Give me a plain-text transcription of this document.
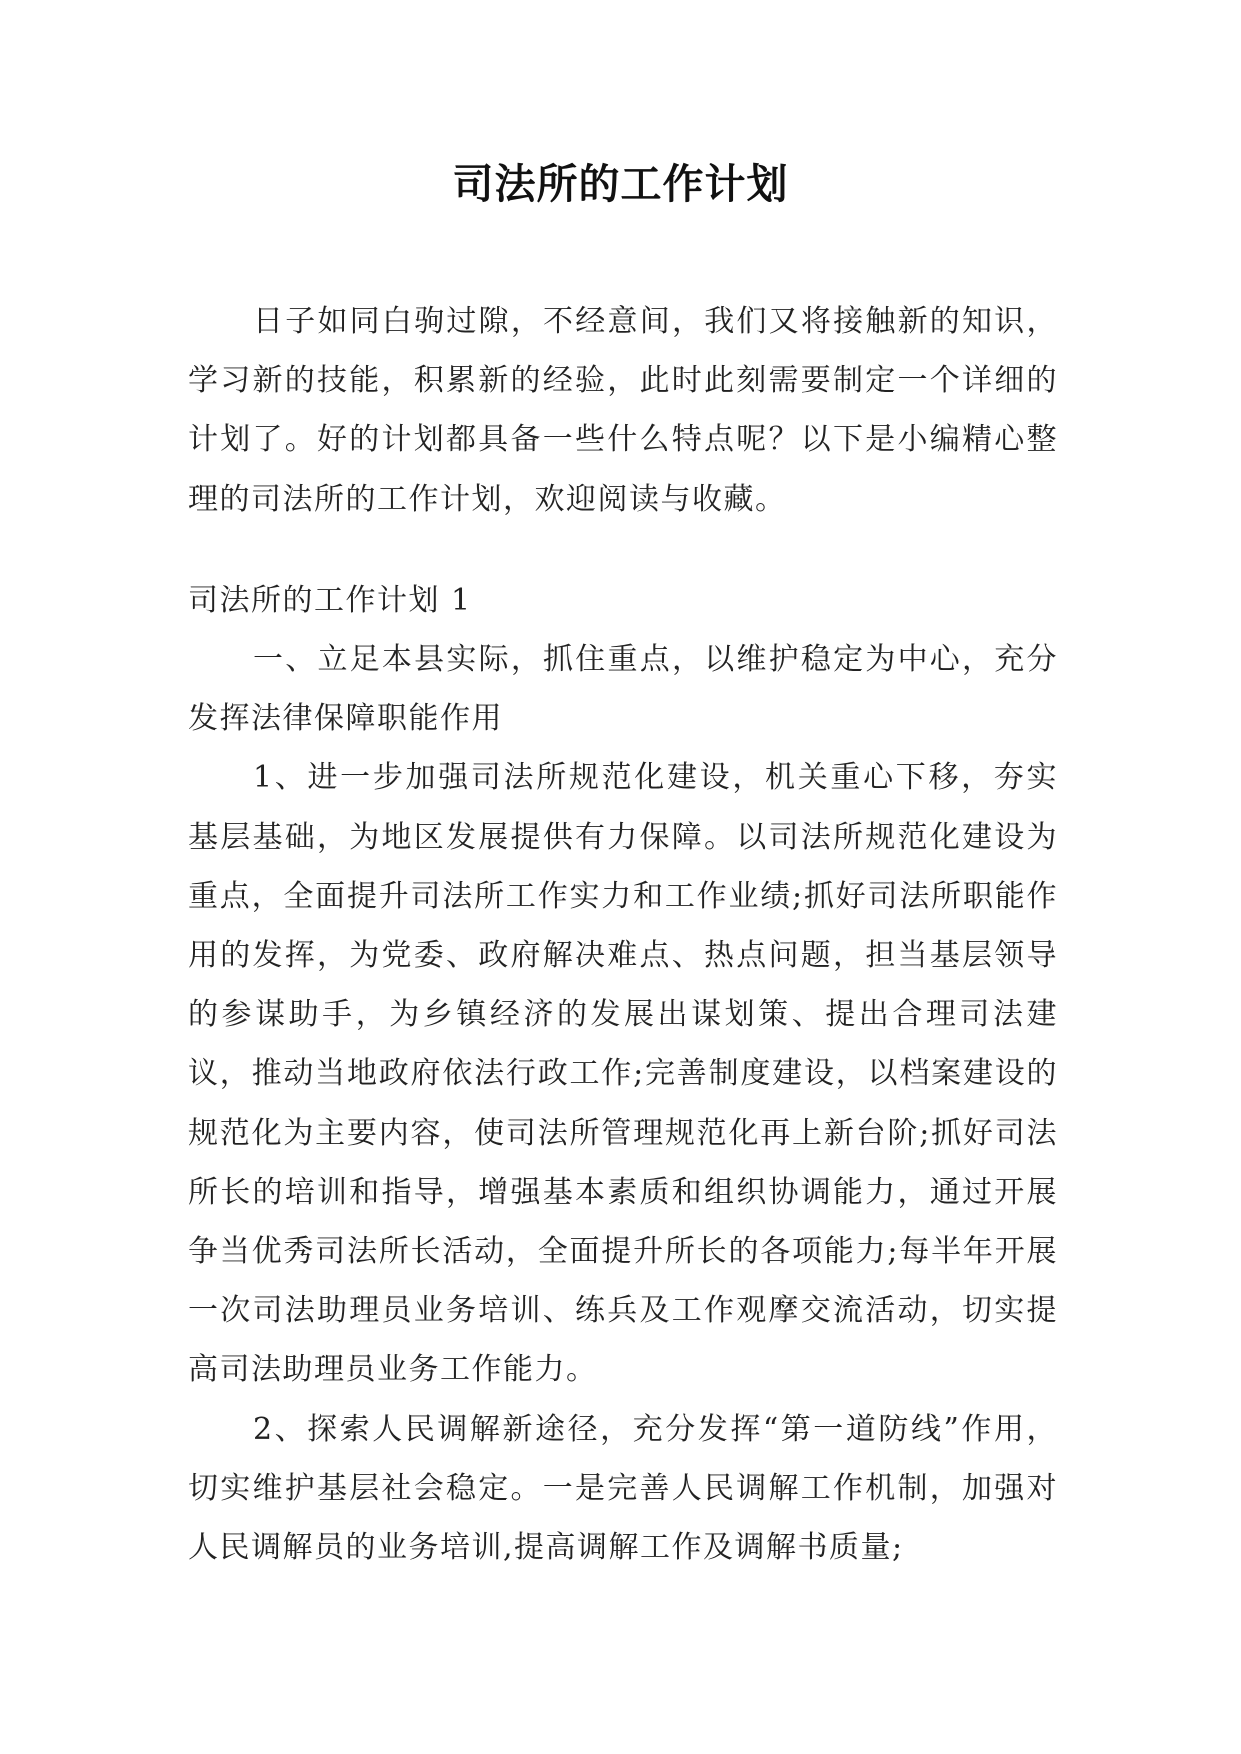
司法所的工作计划

日子如同白驹过隙，不经意间，我们又将接触新的知识，学习新的技能，积累新的经验，此时此刻需要制定一个详细的计划了。好的计划都具备一些什么特点呢？以下是小编精心整理的司法所的工作计划，欢迎阅读与收藏。

司法所的工作计划 1

一、立足本县实际，抓住重点，以维护稳定为中心，充分发挥法律保障职能作用

1、进一步加强司法所规范化建设，机关重心下移，夯实基层基础，为地区发展提供有力保障。以司法所规范化建设为重点，全面提升司法所工作实力和工作业绩;抓好司法所职能作用的发挥，为党委、政府解决难点、热点问题，担当基层领导的参谋助手，为乡镇经济的发展出谋划策、提出合理司法建议，推动当地政府依法行政工作;完善制度建设，以档案建设的规范化为主要内容，使司法所管理规范化再上新台阶;抓好司法所长的培训和指导，增强基本素质和组织协调能力，通过开展争当优秀司法所长活动，全面提升所长的各项能力;每半年开展一次司法助理员业务培训、练兵及工作观摩交流活动，切实提高司法助理员业务工作能力。

2、探索人民调解新途径，充分发挥“第一道防线”作用，切实维护基层社会稳定。一是完善人民调解工作机制，加强对人民调解员的业务培训,提高调解工作及调解书质量;
